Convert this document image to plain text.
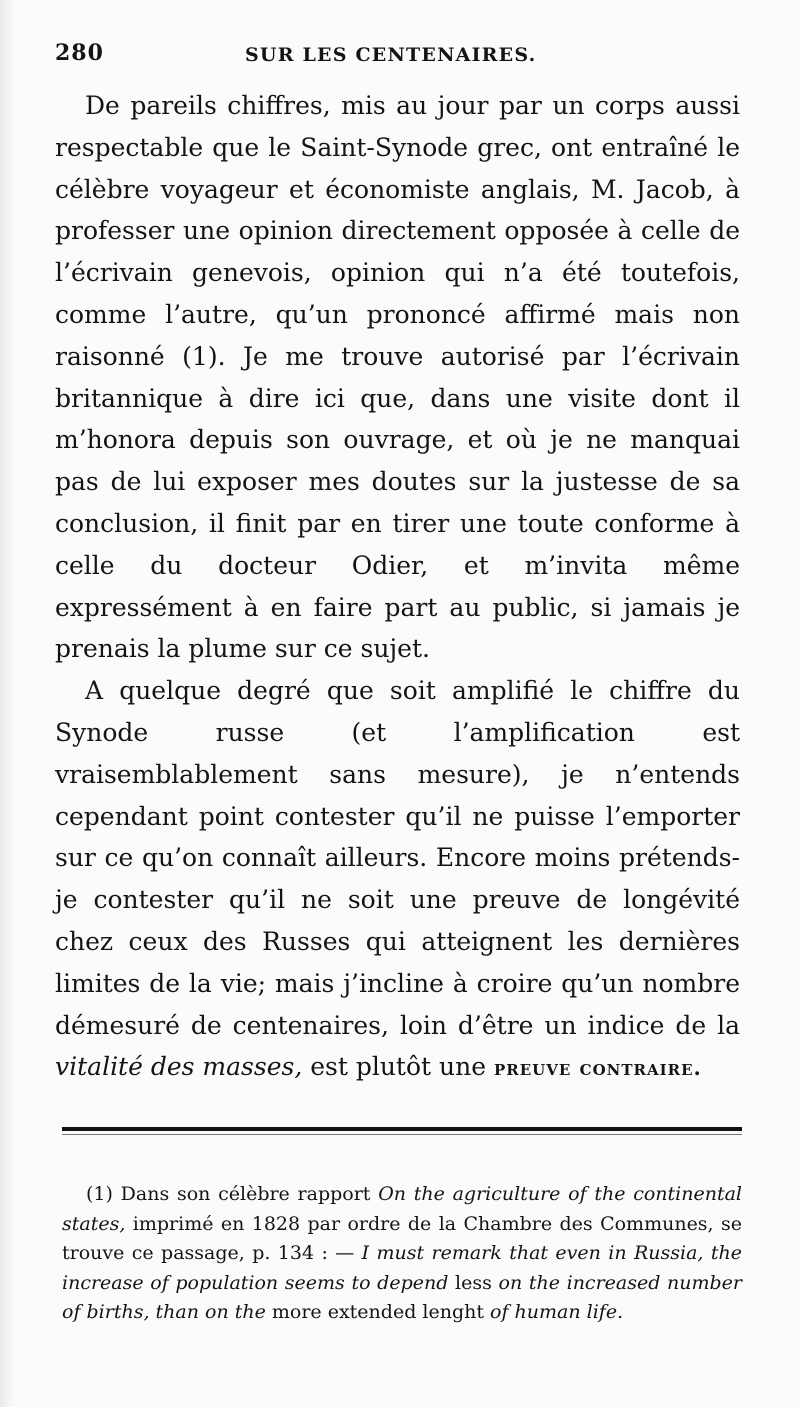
280	SUR LES CENTENAIRES.

De pareils chiffres, mis au jour par un corps aussi respectable que le Saint-Synode grec, ont entraîné le célèbre voyageur et économiste anglais, M. Jacob, à professer une opinion directement opposée à celle de l’écrivain genevois, opinion qui n’a été toutefois, comme l’autre, qu’un prononcé affirmé mais non raisonné (1). Je me trouve autorisé par l’écrivain britannique à dire ici que, dans une visite dont il m’honora depuis son ouvrage, et où je ne manquai pas de lui exposer mes doutes sur la justesse de sa conclusion, il finit par en tirer une toute conforme à celle du docteur Odier, et m’invita même expressément à en faire part au public, si jamais je prenais la plume sur ce sujet.

A quelque degré que soit amplifié le chiffre du Synode russe (et l’amplification est vraisemblablement sans mesure), je n’entends cependant point contester qu’il ne puisse l’emporter sur ce qu’on connaît ailleurs. Encore moins prétends-je contester qu’il ne soit une preuve de longévité chez ceux des Russes qui atteignent les dernières limites de la vie; mais j’incline à croire qu’un nombre démesuré de centenaires, loin d’être un indice de la vitalité des masses, est plutôt une preuve contraire.

(1) Dans son célèbre rapport On the agriculture of the continental states, imprimé en 1828 par ordre de la Chambre des Communes, se trouve ce passage, p. 134 : — I must remark that even in Russia, the increase of population seems to depend less on the increased number of births, than on the more extended lenght of human life.
